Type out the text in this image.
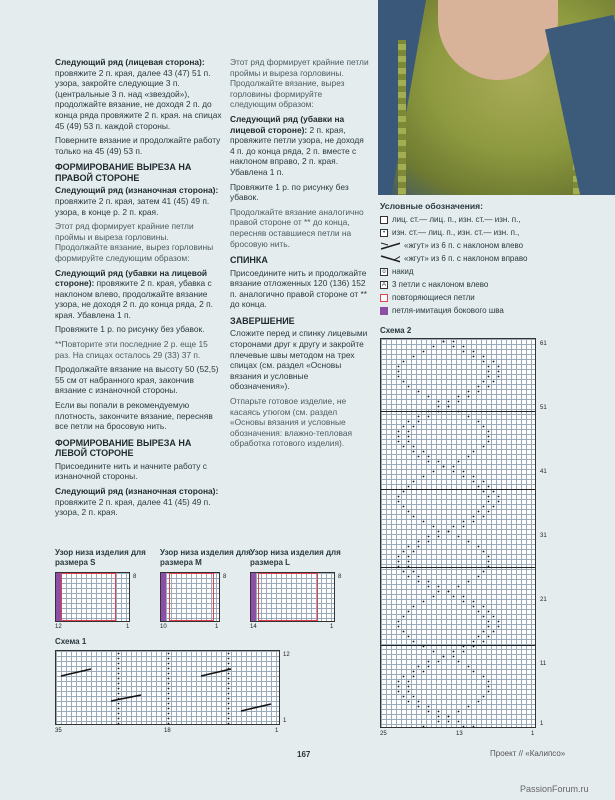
Следующий ряд (лицевая сторона): провяжите 2 п. края, далее 43 (47) 51 п. узора, закройте следующие 3 п. (центральные 3 п. над «звездой»), продолжайте вязание, не доходя 2 п. до конца ряда провяжите 2 п. края. на спицах 45 (49) 53 п. каждой стороны.

Поверните вязание и продолжайте работу только на 45 (49) 53 п.

ФОРМИРОВАНИЕ ВЫРЕЗА НА ПРАВОЙ СТОРОНЕ

Следующий ряд (изнаночная сторона): провяжите 2 п. края, затем 41 (45) 49 п. узора, в конце р. 2 п. края.

Этот ряд формирует крайние петли проймы и выреза горловины. Продолжайте вязание, вырез горловины формируйте следующим образом:

Следующий ряд (убавки на лицевой стороне): провяжите 2 п. края, убавка с наклоном влево, продолжайте вязание узора, не доходя 2 п. до конца ряда, 2 п. края. Убавлена 1 п.

Провяжите 1 р. по рисунку без убавок.

**Повторите эти последние 2 р. еще 15 раз. На спицах осталось 29 (33) 37 п.

Продолжайте вязание на высоту 50 (52,5) 55 см от набранного края, закончив вязание с изнаночной стороны.

Если вы попали в рекомендуемую плотность, закончите вязание, пересняв все петли на бросовую нить.

ФОРМИРОВАНИЕ ВЫРЕЗА НА ЛЕВОЙ СТОРОНЕ

Присоедините нить и начните работу с изнаночной стороны.

Следующий ряд (изнаночная сторона): провяжите 2 п. края, далее 41 (45) 49 п. узора, 2 п. края.

Этот ряд формирует крайние петли проймы и выреза горловины. Продолжайте вязание, вырез горловины формируйте следующим образом:

Следующий ряд (убавки на лицевой стороне): 2 п. края, провяжите петли узора, не доходя 4 п. до конца ряда, 2 п. вместе с наклоном вправо, 2 п. края. Убавлена 1 п.

Провяжите 1 р. по рисунку без убавок.

Продолжайте вязание аналогично правой стороне от ** до конца, пересняв оставшиеся петли на бросовую нить.

СПИНКА

Присоедините нить и продолжайте вязание отложенных 120 (136) 152 п. аналогично правой стороне от ** до конца.

ЗАВЕРШЕНИЕ

Сложите перед и спинку лицевыми сторонами друг к другу и закройте плечевые швы методом на трех спицах (см. раздел «Основы вязания и условные обозначения»).

Отпарьте готовое изделие, не касаясь утюгом (см. раздел «Основы вязания и условные обозначения: влажно-тепловая обработка готового изделия).

Условные обозначения:
лиц. ст.— лиц. п., изн. ст.— изн. п.,
• изн. ст.— лиц. п., изн. ст.— изн. п.,
«жгут» из 6 п. с наклоном влево
«жгут» из 6 п. с наклоном вправо
o накид
A 3 петли с наклоном влево
повторяющиеся петли
петля-имитация бокового шва
Схема 2
61
51
41
31
21
11
1
25	13	1
Узор низа изделия для размера S
8
12	1
Узор низа изделия для размера M
8
10	1
Узор низа изделия для размера L
8
14	1
Схема 1
12
1
35	18	1
167	Проект // «Калипсо»
PassionForum.ru
